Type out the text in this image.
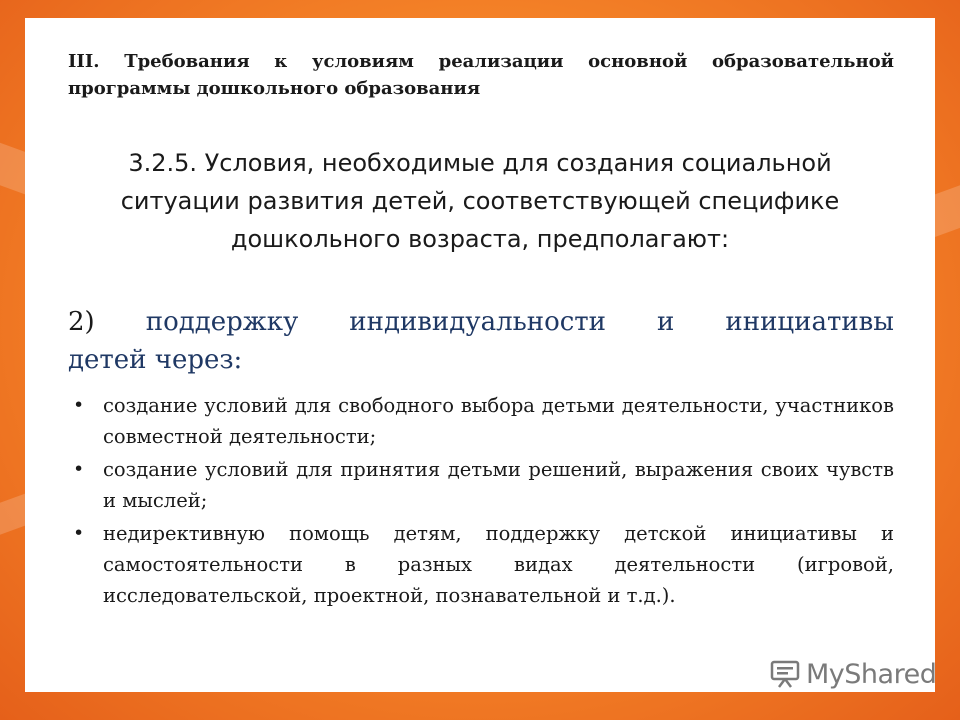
III. Требования к условиям реализации основной образовательной программы дошкольного образования
3.2.5. Условия, необходимые для создания социальной ситуации развития детей, соответствующей специфике дошкольного возраста, предполагают:
2) поддержку индивидуальности и инициативы
детей через:
• создание условий для свободного выбора детьми деятельности, участников совместной деятельности;
• создание условий для принятия детьми решений, выражения своих чувств и мыслей;
• недирективную помощь детям, поддержку детской инициативы и самостоятельности в разных видах деятельности (игровой, исследовательской, проектной, познавательной и т.д.).
MyShared
